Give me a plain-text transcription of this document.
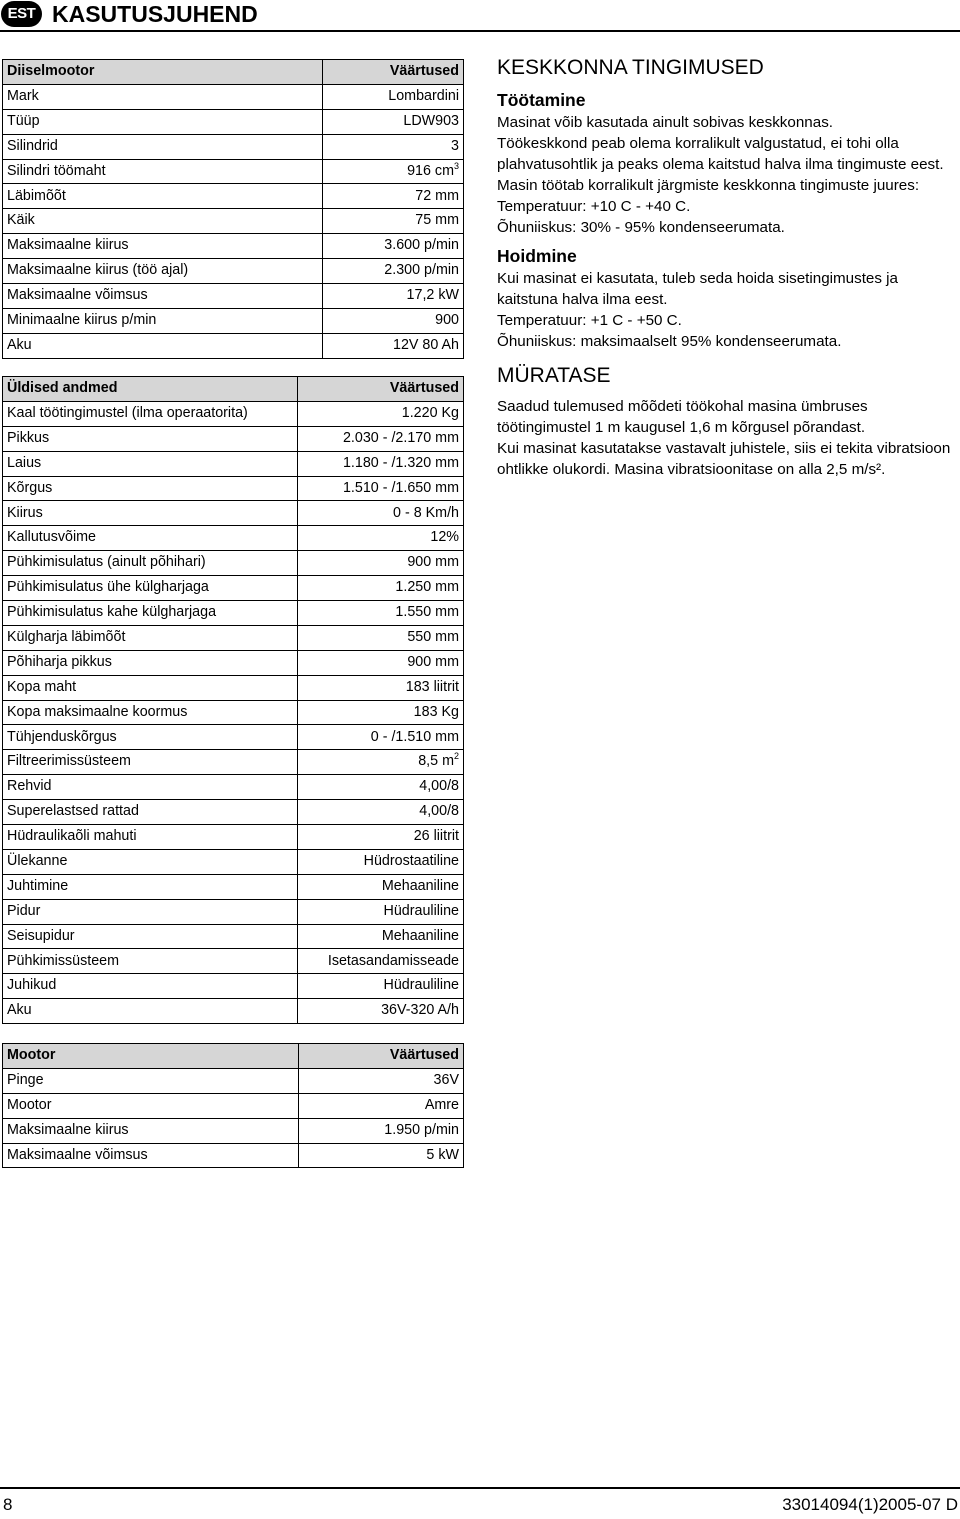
EST KASUTUSJUHEND
Diiselmootor	Väärtused
Mark	Lombardini
Tüüp	LDW903
Silindrid	3
Silindri töömaht	916 $cm^3$
Läbimõõt	72 mm
Käik	75 mm
Maksimaalne kiirus	3.600 p/min
Maksimaalne kiirus (töö ajal)	2.300 p/min
Maksimaalne võimsus	17,2 kW
Minimaalne kiirus p/min	900
Aku	12V 80 Ah
Üldised andmed	Väärtused
Kaal töötingimustel (ilma operaatorita)	1.220 Kg
Pikkus	2.030 - /2.170 mm
Laius	1.180 - /1.320 mm
Kõrgus	1.510 - /1.650 mm
Kiirus	0 - 8 Km/h
Kallutusvõime	12%
Pühkimisulatus (ainult põhihari)	900 mm
Pühkimisulatus ühe külgharjaga	1.250 mm
Pühkimisulatus kahe külgharjaga	1.550 mm
Külgharja läbimõõt	550 mm
Põhiharja pikkus	900 mm
Kopa maht	183 liitrit
Kopa maksimaalne koormus	183 Kg
Tühjenduskõrgus	0 - /1.510 mm
Filtreerimissüsteem	8,5 $m^2$
Rehvid	4,00/8
Superelastsed rattad	4,00/8
Hüdraulikaõli mahuti	26 liitrit
Ülekanne	Hüdrostaatiline
Juhtimine	Mehaaniline
Pidur	Hüdrauliline
Seisupidur	Mehaaniline
Pühkimissüsteem	Isetasandamisseade
Juhikud	Hüdrauliline
Aku	36V-320 A/h
Mootor	Väärtused
Pinge	36V
Mootor	Amre
Maksimaalne kiirus	1.950 p/min
Maksimaalne võimsus	5 kW
KESKKONNA TINGIMUSED
Töötamine
Masinat võib kasutada ainult sobivas keskkonnas.
Töökeskkond peab olema korralikult valgustatud, ei tohi olla plahvatusohtlik ja peaks olema kaitstud halva ilma tingimuste eest.
Masin töötab korralikult järgmiste keskkonna tingimuste juures:
Temperatuur: +10 C - +40 C.
Õhuniiskus: 30% - 95% kondenseerumata.
Hoidmine
Kui masinat ei kasutata, tuleb seda hoida sisetingimustes ja kaitstuna halva ilma eest.
Temperatuur: +1 C - +50 C.
Õhuniiskus: maksimaalselt 95% kondenseerumata.
MÜRATASE
Saadud tulemused mõõdeti töökohal masina ümbruses töötingimustel 1 m kaugusel 1,6 m kõrgusel põrandast.
Kui masinat kasutatakse vastavalt juhistele, siis ei tekita vibratsioon ohtlikke olukordi. Masina vibratsioonitase on alla 2,5 m/s².
8	33014094(1)2005-07 D
